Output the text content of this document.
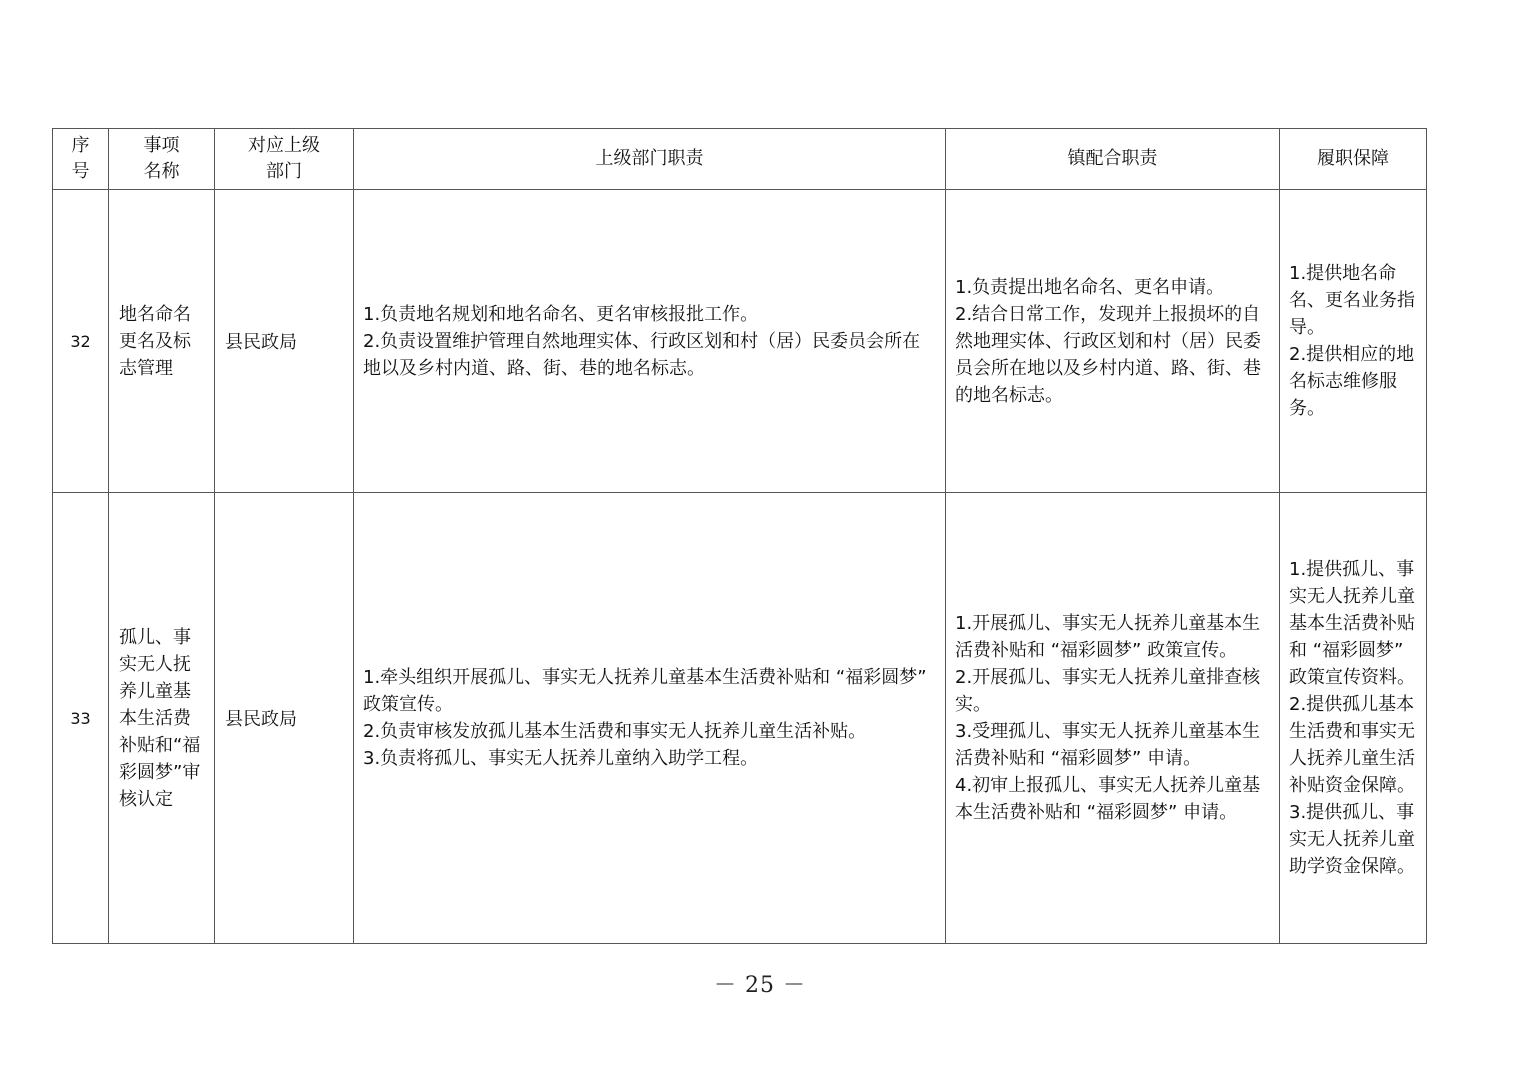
序
号	事项
名称	对应上级
部门	上级部门职责	镇配合职责	履职保障
32	地名命名更名及标志管理	县民政局	1.负责地名规划和地名命名、更名审核报批工作。
2.负责设置维护管理自然地理实体、行政区划和村（居）民委员会所在地以及乡村内道、路、街、巷的地名标志。	1.负责提出地名命名、更名申请。
2.结合日常工作，发现并上报损坏的自然地理实体、行政区划和村（居）民委员会所在地以及乡村内道、路、街、巷的地名标志。	1.提供地名命名、更名业务指导。
2.提供相应的地名标志维修服务。

33	孤儿、事实无人抚养儿童基本生活费补贴和“福彩圆梦”审核认定	县民政局	1.牵头组织开展孤儿、事实无人抚养儿童基本生活费补贴和 “福彩圆梦” 政策宣传。
2.负责审核发放孤儿基本生活费和事实无人抚养儿童生活补贴。
3.负责将孤儿、事实无人抚养儿童纳入助学工程。	1.开展孤儿、事实无人抚养儿童基本生活费补贴和 “福彩圆梦” 政策宣传。
2.开展孤儿、事实无人抚养儿童排查核实。
3.受理孤儿、事实无人抚养儿童基本生活费补贴和 “福彩圆梦” 申请。
4.初审上报孤儿、事实无人抚养儿童基本生活费补贴和 “福彩圆梦” 申请。	1.提供孤儿、事实无人抚养儿童基本生活费补贴和 “福彩圆梦” 政策宣传资料。
2.提供孤儿基本生活费和事实无人抚养儿童生活补贴资金保障。
3.提供孤儿、事实无人抚养儿童助学资金保障。
－ 25 －
